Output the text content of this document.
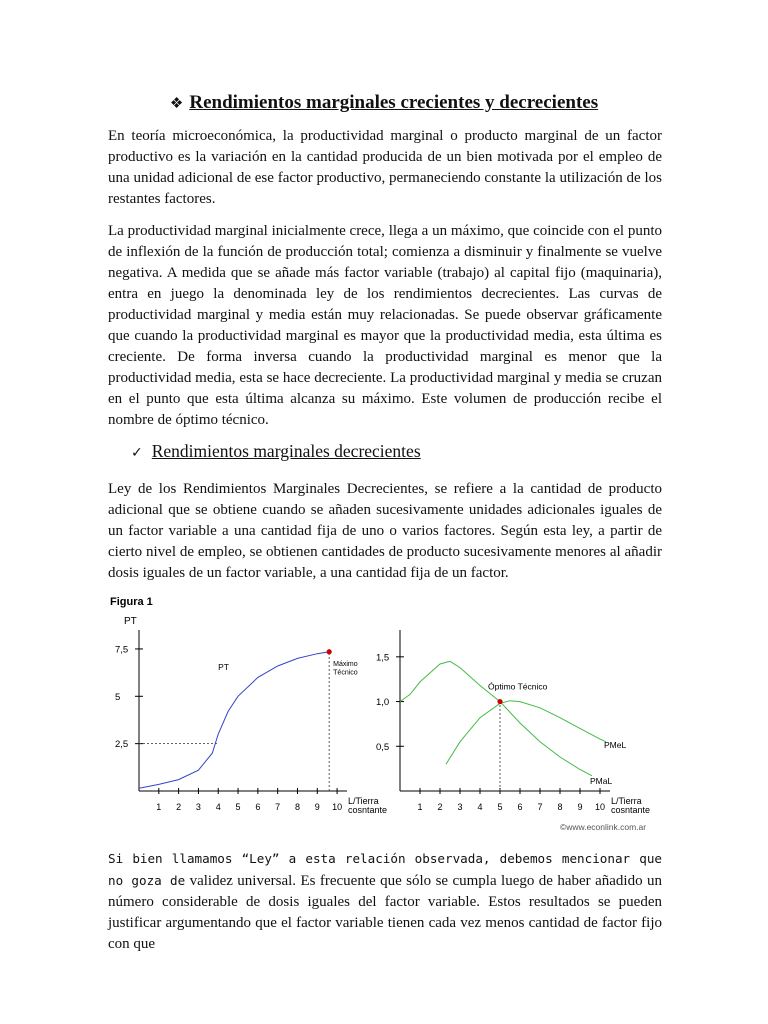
❖ Rendimientos marginales crecientes y decrecientes

En teoría microeconómica, la productividad marginal o producto marginal de un factor productivo es la variación en la cantidad producida de un bien motivada por el empleo de una unidad adicional de ese factor productivo, permaneciendo constante la utilización de los restantes factores.

La productividad marginal inicialmente crece, llega a un máximo, que coincide con el punto de inflexión de la función de producción total; comienza a disminuir y finalmente se vuelve negativa. A medida que se añade más factor variable (trabajo) al capital fijo (maquinaria), entra en juego la denominada ley de los rendimientos decrecientes. Las curvas de productividad marginal y media están muy relacionadas. Se puede observar gráficamente que cuando la productividad marginal es mayor que la productividad media, esta última es creciente. De forma inversa cuando la productividad marginal es menor que la productividad media, esta se hace decreciente. La productividad marginal y media se cruzan en el punto que esta última alcanza su máximo. Este volumen de producción recibe el nombre de óptimo técnico.

✓ Rendimientos marginales decrecientes

Ley de los Rendimientos Marginales Decrecientes, se refiere a la cantidad de producto adicional que se obtiene cuando se añaden sucesivamente unidades adicionales iguales de un factor variable a una cantidad fija de uno o varios factores. Según esta ley, a partir de cierto nivel de empleo, se obtienen cantidades de producto sucesivamente menores al añadir dosis iguales de un factor variable, a una cantidad fija de un factor.

Figura 1
PT
2,5
5
7,5
1 2 3 4 5 6 7 8 9 10
Máximo
Técnico
PT
L/Tierra
cosntante
0,5
1,0
1,5
1 2 3 4 5 6 7 8 9 10
Óptimo Técnico
PMeL
PMaL
L/Tierra
cosntante
©www.econlink.com.ar

Si bien llamamos “Ley” a esta relación observada, debemos mencionar que no goza de validez universal. Es frecuente que sólo se cumpla luego de haber añadido un número considerable de dosis iguales del factor variable. Estos resultados se pueden justificar argumentando que el factor variable tienen cada vez menos cantidad de factor fijo con que
